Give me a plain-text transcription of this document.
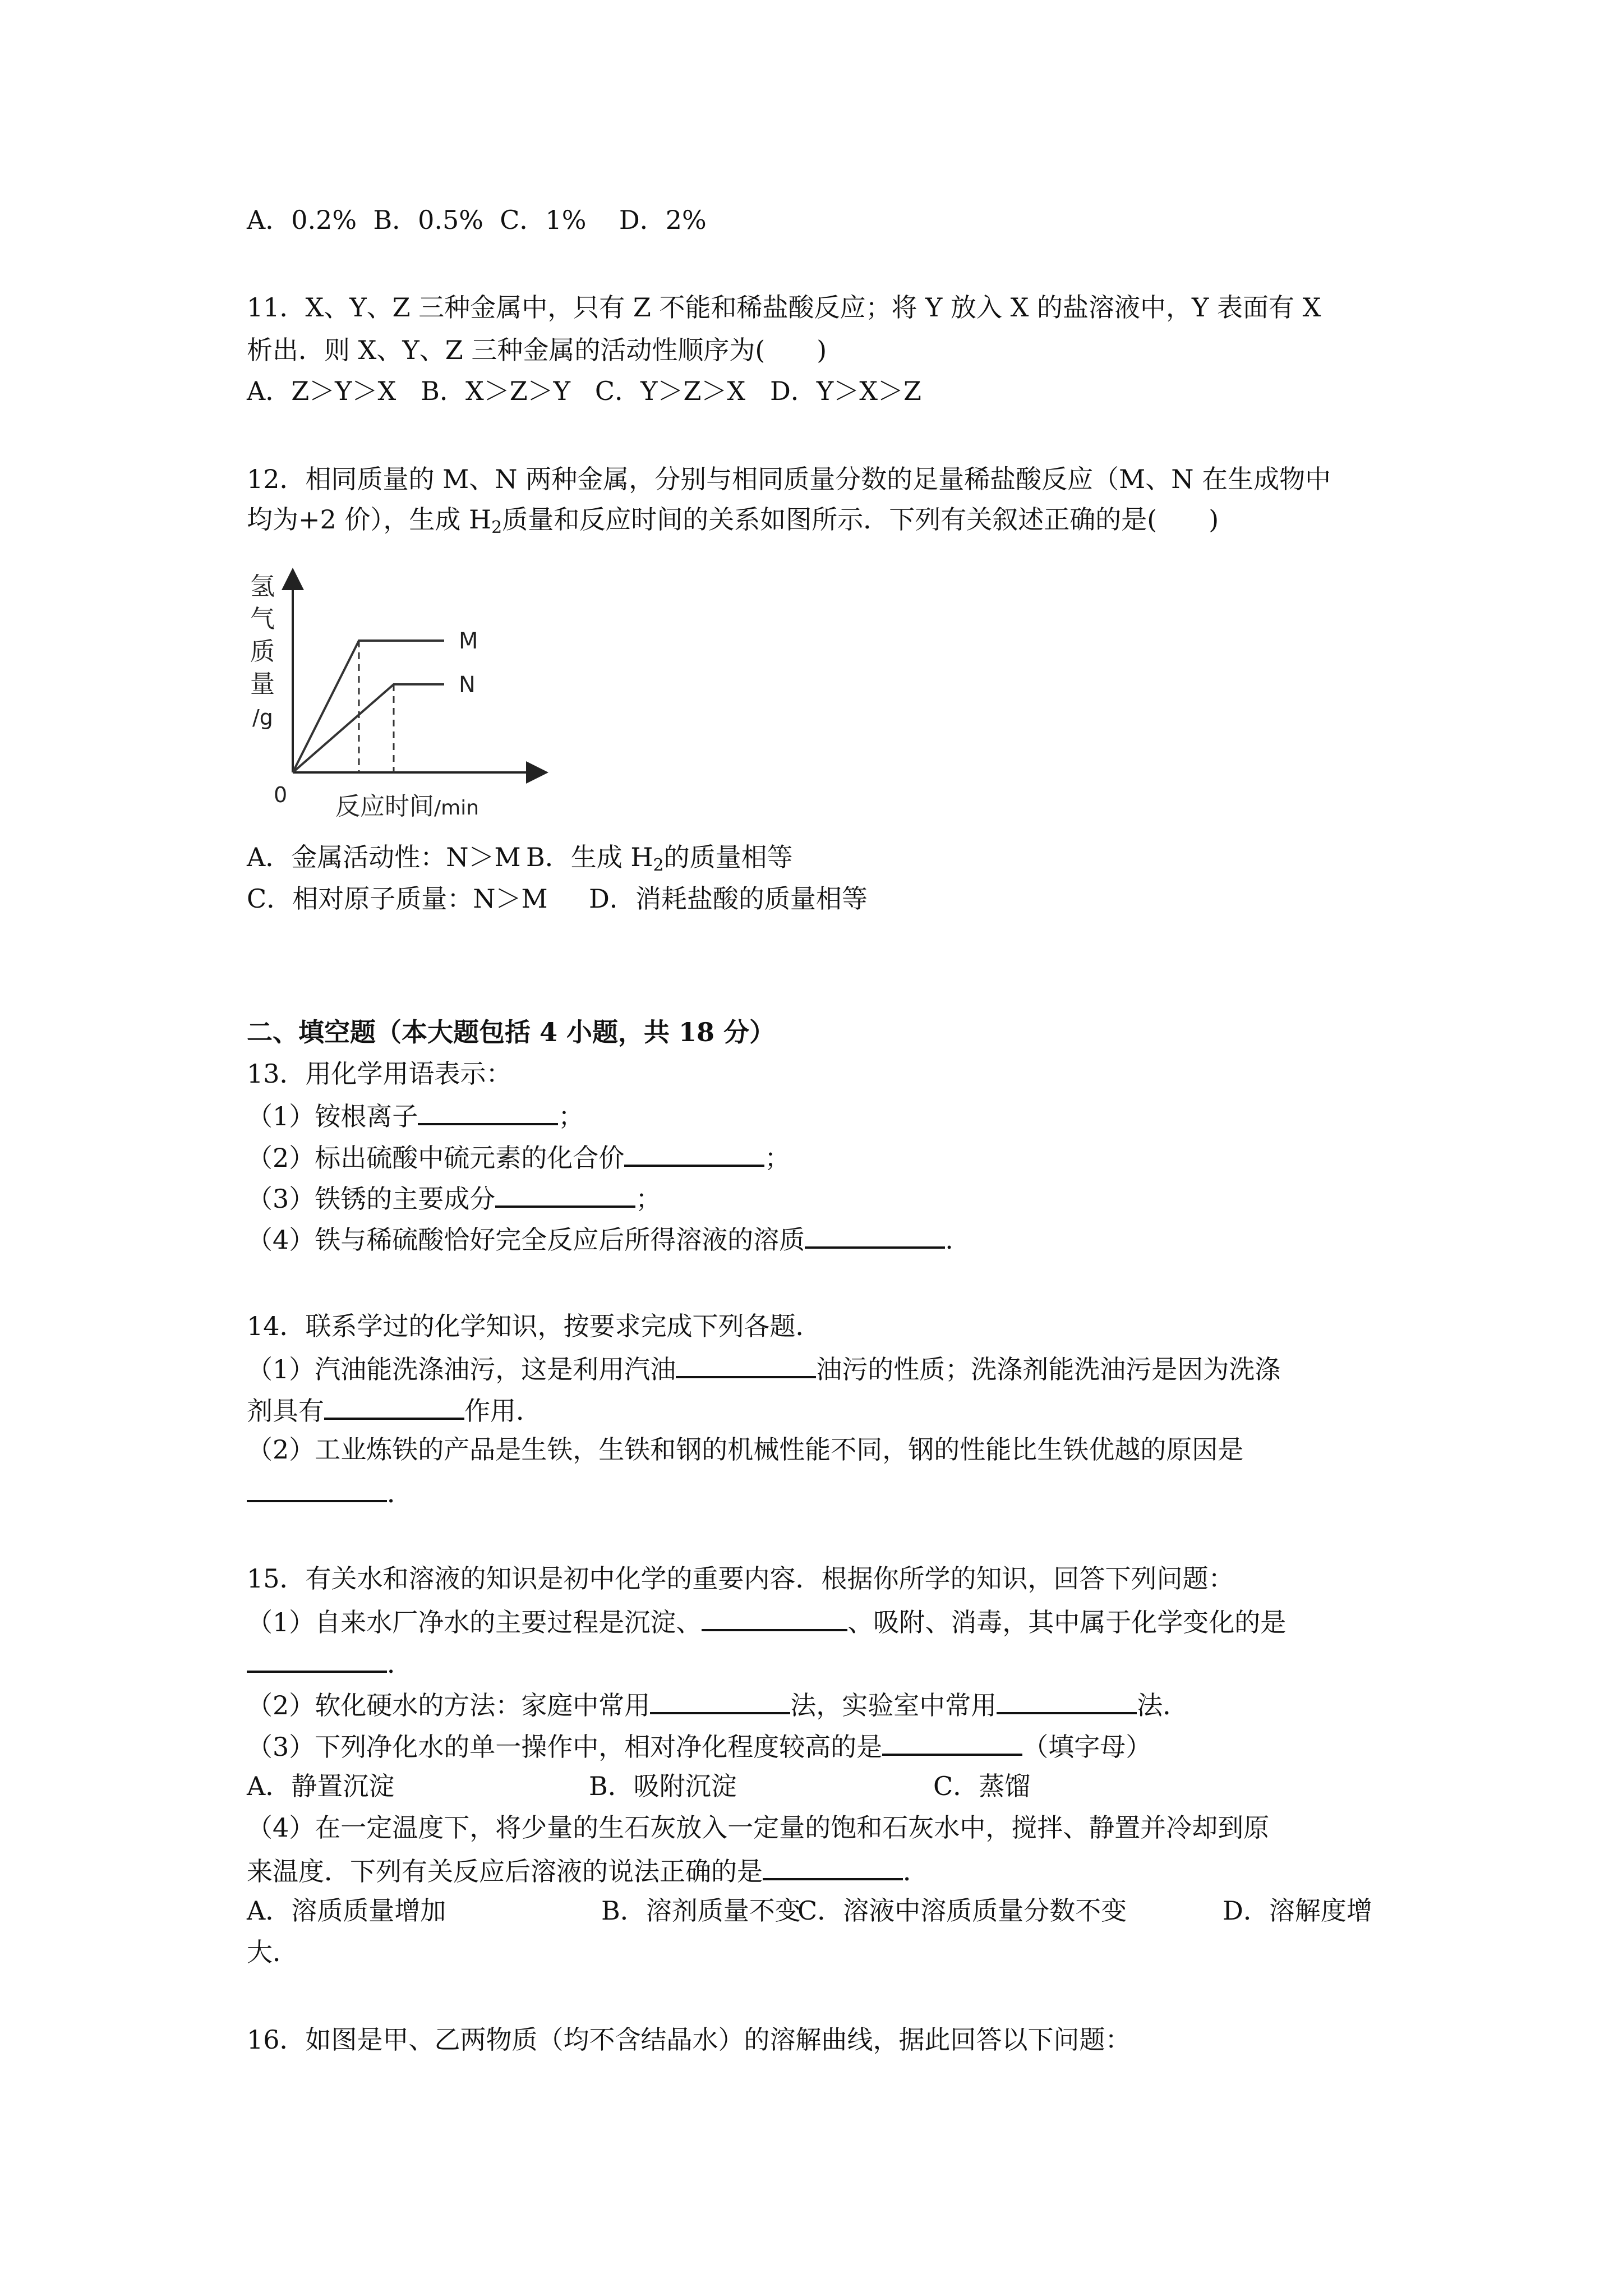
A．0.2%  B．0.5%  C．1%    D．2%
11．X、Y、Z 三种金属中，只有 Z 不能和稀盐酸反应；将 Y 放入 X 的盐溶液中，Y 表面有 X
析出．则 X、Y、Z 三种金属的活动性顺序为(　　)
A．Z＞Y＞X   B．X＞Z＞Y   C．Y＞Z＞X   D．Y＞X＞Z
12．相同质量的 M、N 两种金属，分别与相同质量分数的足量稀盐酸反应（M、N 在生成物中
均为+2 价），生成 $H_2$质量和反应时间的关系如图所示．下列有关叙述正确的是(　　)
氢
气
质
量
/g
0 反应时间/min
M
N
A．金属活动性：N＞M B．生成 $H_2$的质量相等
C．相对原子质量：N＞M D．消耗盐酸的质量相等
二、填空题（本大题包括 4 小题，共 18 分）
13．用化学用语表示：
（1）铵根离子	；
（2）标出硫酸中硫元素的化合价	；
（3）铁锈的主要成分	；
（4）铁与稀硫酸恰好完全反应后所得溶液的溶质	.
14．联系学过的化学知识，按要求完成下列各题．
（1）汽油能洗涤油污，这是利用汽油	油污的性质；洗涤剂能洗油污是因为洗涤
剂具有	作用．
（2）工业炼铁的产品是生铁，生铁和钢的机械性能不同，钢的性能比生铁优越的原因是
．
15．有关水和溶液的知识是初中化学的重要内容．根据你所学的知识，回答下列问题：
（1）自来水厂净水的主要过程是沉淀、	、吸附、消毒，其中属于化学变化的是
．
（2）软化硬水的方法：家庭中常用	法，实验室中常用	法．
（3）下列净化水的单一操作中，相对净化程度较高的是	（填字母）
A．静置沉淀	B．吸附沉淀	C．蒸馏
（4）在一定温度下，将少量的生石灰放入一定量的饱和石灰水中，搅拌、静置并冷却到原
来温度．下列有关反应后溶液的说法正确的是	．
A．溶质质量增加	B．溶剂质量不变
C．溶液中溶质质量分数不变	D．溶解度增
大．
16．如图是甲、乙两物质（均不含结晶水）的溶解曲线，据此回答以下问题：
